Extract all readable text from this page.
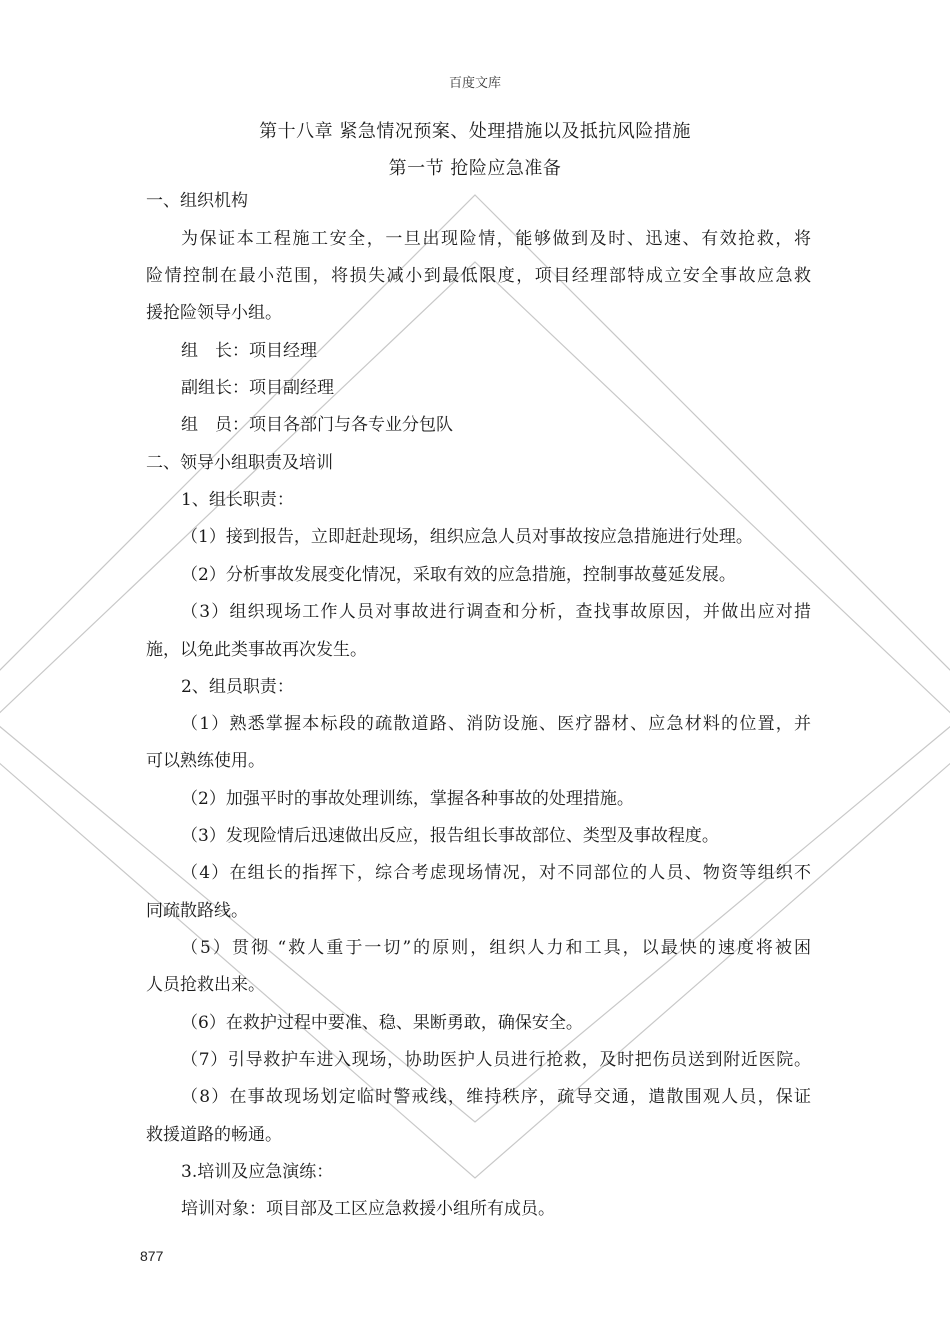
百度文库
第十八章 紧急情况预案、处理措施以及抵抗风险措施
第一节 抢险应急准备
一、组织机构
为保证本工程施工安全，一旦出现险情，能够做到及时、迅速、有效抢救，将
险情控制在最小范围，将损失减小到最低限度，项目经理部特成立安全事故应急救
援抢险领导小组。
组　长：项目经理
副组长：项目副经理
组　员：项目各部门与各专业分包队
二、领导小组职责及培训
1、组长职责：
（1）接到报告，立即赶赴现场，组织应急人员对事故按应急措施进行处理。
（2）分析事故发展变化情况，采取有效的应急措施，控制事故蔓延发展。
（3）组织现场工作人员对事故进行调查和分析，查找事故原因，并做出应对措
施，以免此类事故再次发生。
2、组员职责：
（1）熟悉掌握本标段的疏散道路、消防设施、医疗器材、应急材料的位置，并
可以熟练使用。
（2）加强平时的事故处理训练，掌握各种事故的处理措施。
（3）发现险情后迅速做出反应，报告组长事故部位、类型及事故程度。
（4）在组长的指挥下，综合考虑现场情况，对不同部位的人员、物资等组织不
同疏散路线。
（5）贯彻 “救人重于一切”的原则，组织人力和工具，以最快的速度将被困
人员抢救出来。
（6）在救护过程中要准、稳、果断勇敢，确保安全。
（7）引导救护车进入现场，协助医护人员进行抢救，及时把伤员送到附近医院。
（8）在事故现场划定临时警戒线，维持秩序，疏导交通，遣散围观人员，保证
救援道路的畅通。
3.培训及应急演练：
培训对象：项目部及工区应急救援小组所有成员。
877
